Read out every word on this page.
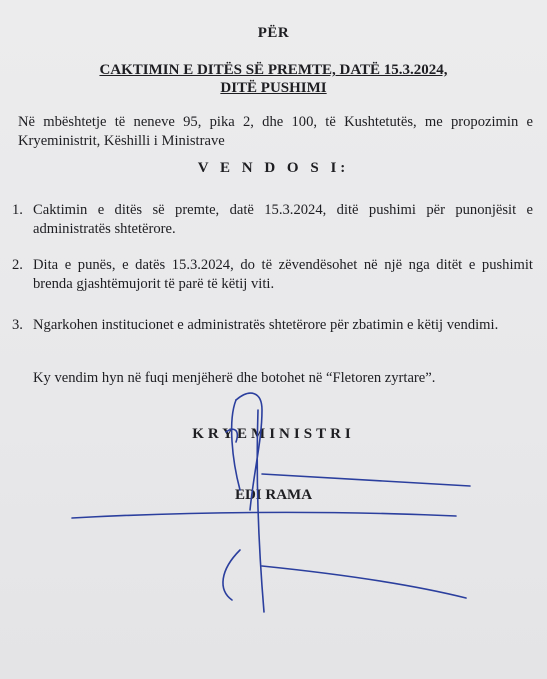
PËR
CAKTIMIN E DITËS SË PREMTE, DATË 15.3.2024,
DITË PUSHIMI
Në mbështetje të neneve 95, pika 2, dhe 100, të Kushtetutës, me propozimin e Kryeministrit, Këshilli i Ministrave
V E N D O S I:
1. Caktimin e ditës së premte, datë 15.3.2024, ditë pushimi për punonjësit e administratës shtetërore.
2. Dita e punës, e datës 15.3.2024, do të zëvendësohet në një nga ditët e pushimit brenda gjashtëmujorit të parë të këtij viti.
3. Ngarkohen institucionet e administratës shtetërore për zbatimin e këtij vendimi.
Ky vendim hyn në fuqi menjëherë dhe botohet në “Fletoren zyrtare”.
KRYEMINISTRI
EDI RAMA
